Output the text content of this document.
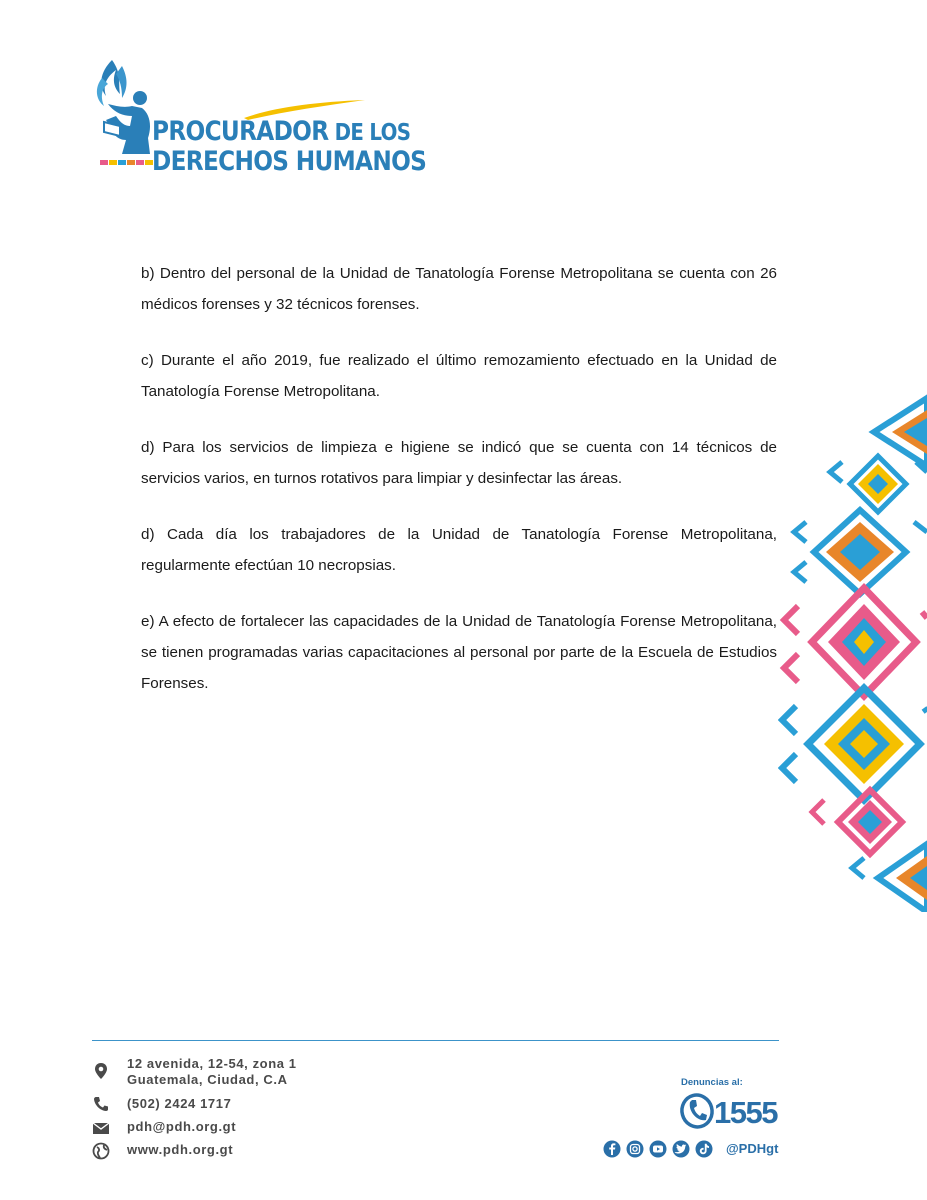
PROCURADOR DE LOS
DERECHOS HUMANOS

b) Dentro del personal de la Unidad de Tanatología Forense Metropolitana se cuenta con 26 médicos forenses y 32 técnicos forenses.

c) Durante el año 2019, fue realizado el último remozamiento efectuado en la Unidad de Tanatología Forense Metropolitana.

d) Para los servicios de limpieza e higiene se indicó que se cuenta con 14 técnicos de servicios varios, en turnos rotativos para limpiar y desinfectar las áreas.

d) Cada día los trabajadores de la Unidad de Tanatología Forense Metropolitana, regularmente efectúan 10 necropsias.

e) A efecto de fortalecer las capacidades de la Unidad de Tanatología Forense Metropolitana, se tienen programadas varias capacitaciones al personal por parte de la Escuela de Estudios Forenses.

12 avenida, 12-54, zona 1
Guatemala, Ciudad, C.A
(502) 2424 1717
pdh@pdh.org.gt
www.pdh.org.gt
Denuncias al:
1555
@PDHgt
